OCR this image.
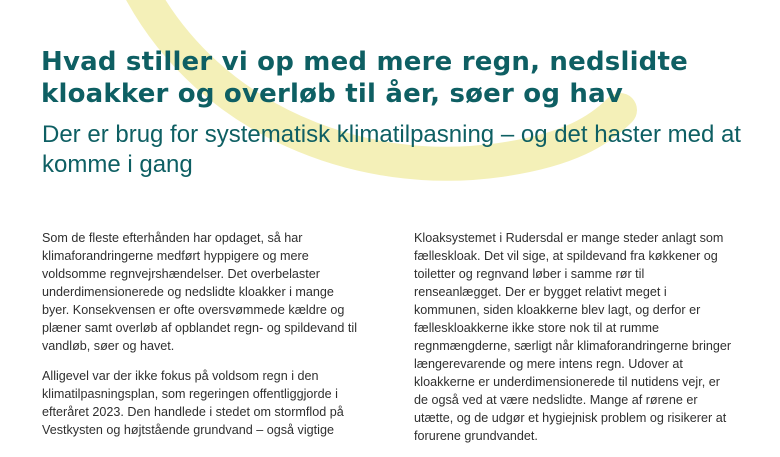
Hvad stiller vi op med mere regn, nedslidte kloakker og overløb til åer, søer og hav
Der er brug for systematisk klimatilpasning – og det haster med at komme i gang

Som de fleste efterhånden har opdaget, så har klimaforandringerne medført hyppigere og mere voldsomme regnvejrshændelser. Det overbelaster underdimensionerede og nedslidte kloakker i mange byer. Konsekvensen er ofte oversvømmede kældre og plæner samt overløb af opblandet regn- og spildevand til vandløb, søer og havet.

Alligevel var der ikke fokus på voldsom regn i den klimatilpasningsplan, som regeringen offentliggjorde i efteråret 2023. Den handlede i stedet om stormflod på Vestkysten og højtstående grundvand – også vigtige

Kloaksystemet i Rudersdal er mange steder anlagt som fælleskloak. Det vil sige, at spildevand fra køkkener og toiletter og regnvand løber i samme rør til renseanlægget. Der er bygget relativt meget i kommunen, siden kloakkerne blev lagt, og derfor er fælleskloakkerne ikke store nok til at rumme regnmængderne, særligt når klimaforandringerne bringer længerevarende og mere intens regn. Udover at kloakkerne er underdimensionerede til nutidens vejr, er de også ved at være nedslidte. Mange af rørene er utætte, og de udgør et hygiejnisk problem og risikerer at forurene grundvandet.
